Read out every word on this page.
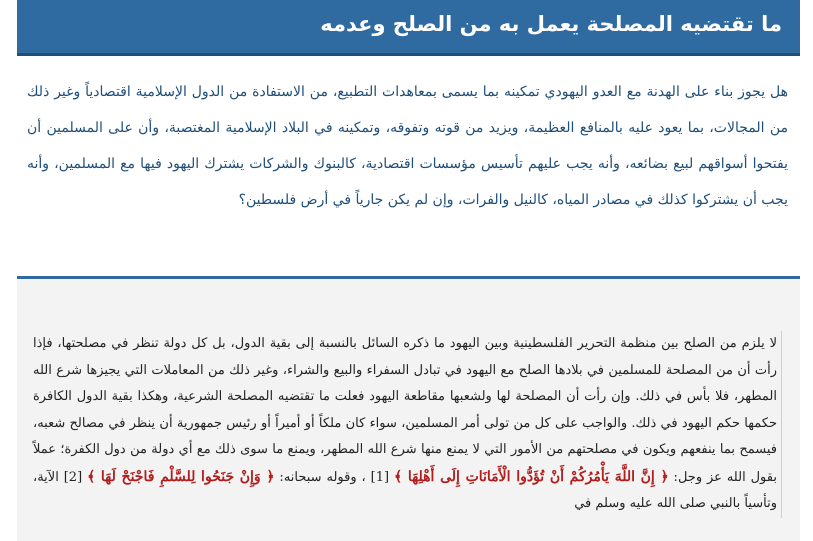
ما تقتضيه المصلحة يعمل به من الصلح وعدمه
هل يجوز بناء على الهدنة مع العدو اليهودي تمكينه بما يسمى بمعاهدات التطبيع، من الاستفادة من الدول الإسلامية اقتصادياً وغير ذلك من المجالات، بما يعود عليه بالمنافع العظيمة، ويزيد من قوته وتفوقه، وتمكينه في البلاد الإسلامية المغتصبة، وأن على المسلمين أن يفتحوا أسواقهم لبيع بضائعه، وأنه يجب عليهم تأسيس مؤسسات اقتصادية، كالبنوك والشركات يشترك اليهود فيها مع المسلمين، وأنه يجب أن يشتركوا كذلك في مصادر المياه، كالنيل والفرات، وإن لم يكن جارياً في أرض فلسطين؟
لا يلزم من الصلح بين منظمة التحرير الفلسطينية وبين اليهود ما ذكره السائل بالنسبة إلى بقية الدول، بل كل دولة تنظر في مصلحتها، فإذا رأت أن من المصلحة للمسلمين في بلادها الصلح مع اليهود في تبادل السفراء والبيع والشراء، وغير ذلك من المعاملات التي يجيزها شرع الله المطهر، فلا بأس في ذلك. وإن رأت أن المصلحة لها ولشعبها مقاطعة اليهود فعلت ما تقتضيه المصلحة الشرعية، وهكذا بقية الدول الكافرة حكمها حكم اليهود في ذلك. والواجب على كل من تولى أمر المسلمين، سواء كان ملكاً أو أميراً أو رئيس جمهورية أن ينظر في مصالح شعبه، فيسمح بما ينفعهم ويكون في مصلحتهم من الأمور التي لا يمنع منها شرع الله المطهر، ويمنع ما سوى ذلك مع أي دولة من دول الكفرة؛ عملاً بقول الله عز وجل: ﴿ إِنَّ اللَّهَ يَأْمُرُكُمْ أَنْ تُؤَدُّوا الْأَمَانَاتِ إِلَى أَهْلِهَا ﴾ [1] ، وقوله سبحانه: ﴿ وَإِنْ جَنَحُوا لِلسَّلْمِ فَاجْنَحْ لَهَا ﴾ [2] الآية، وتأسياً بالنبي صلى الله عليه وسلم في
